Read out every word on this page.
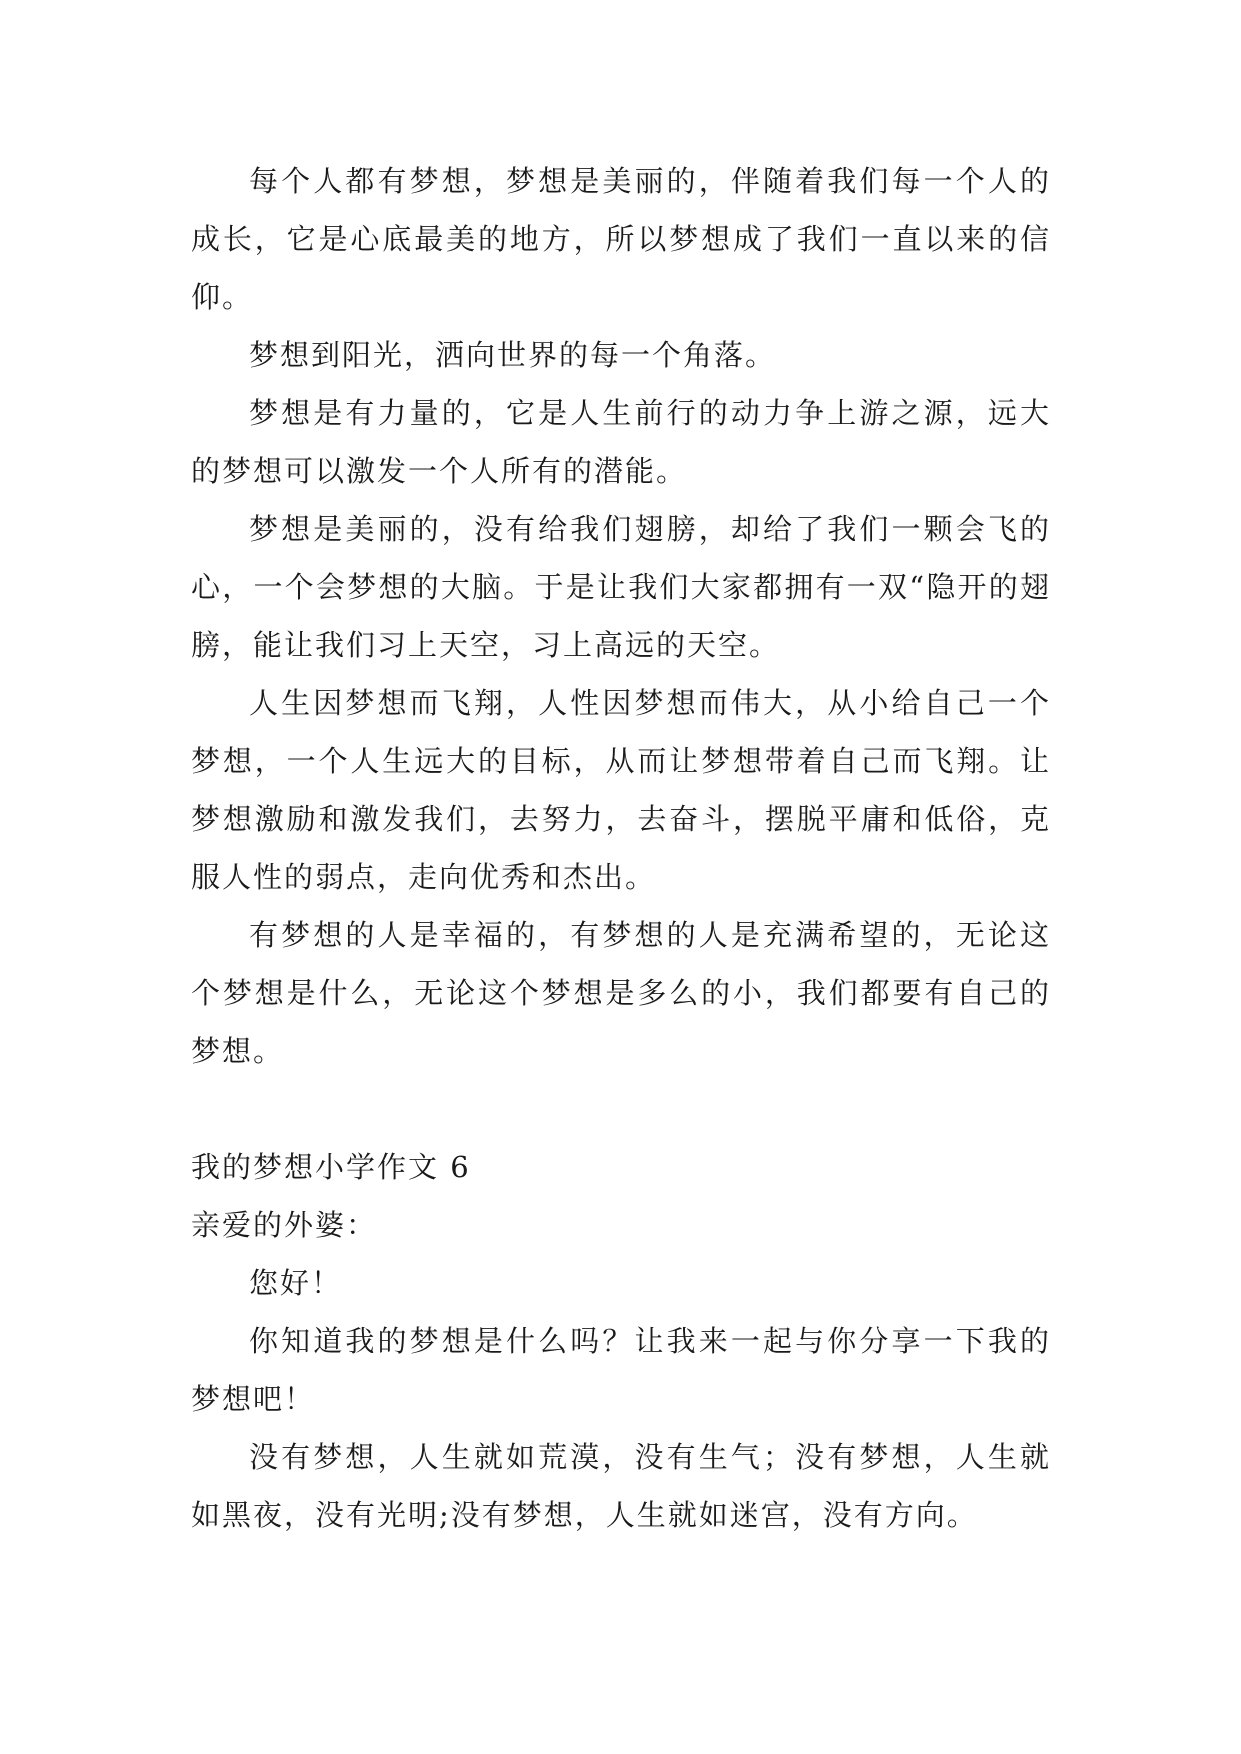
每个人都有梦想，梦想是美丽的，伴随着我们每一个人的成长，它是心底最美的地方，所以梦想成了我们一直以来的信仰。

梦想到阳光，洒向世界的每一个角落。

梦想是有力量的，它是人生前行的动力争上游之源，远大的梦想可以激发一个人所有的潜能。

梦想是美丽的，没有给我们翅膀，却给了我们一颗会飞的心，一个会梦想的大脑。于是让我们大家都拥有一双“隐开的翅膀，能让我们习上天空，习上高远的天空。

人生因梦想而飞翔，人性因梦想而伟大，从小给自己一个梦想，一个人生远大的目标，从而让梦想带着自己而飞翔。让梦想激励和激发我们，去努力，去奋斗，摆脱平庸和低俗，克服人性的弱点，走向优秀和杰出。

有梦想的人是幸福的，有梦想的人是充满希望的，无论这个梦想是什么，无论这个梦想是多么的小，我们都要有自己的梦想。

我的梦想小学作文 6

亲爱的外婆：

您好！

你知道我的梦想是什么吗？让我来一起与你分享一下我的梦想吧！

没有梦想，人生就如荒漠，没有生气；没有梦想，人生就如黑夜，没有光明;没有梦想，人生就如迷宫，没有方向。
